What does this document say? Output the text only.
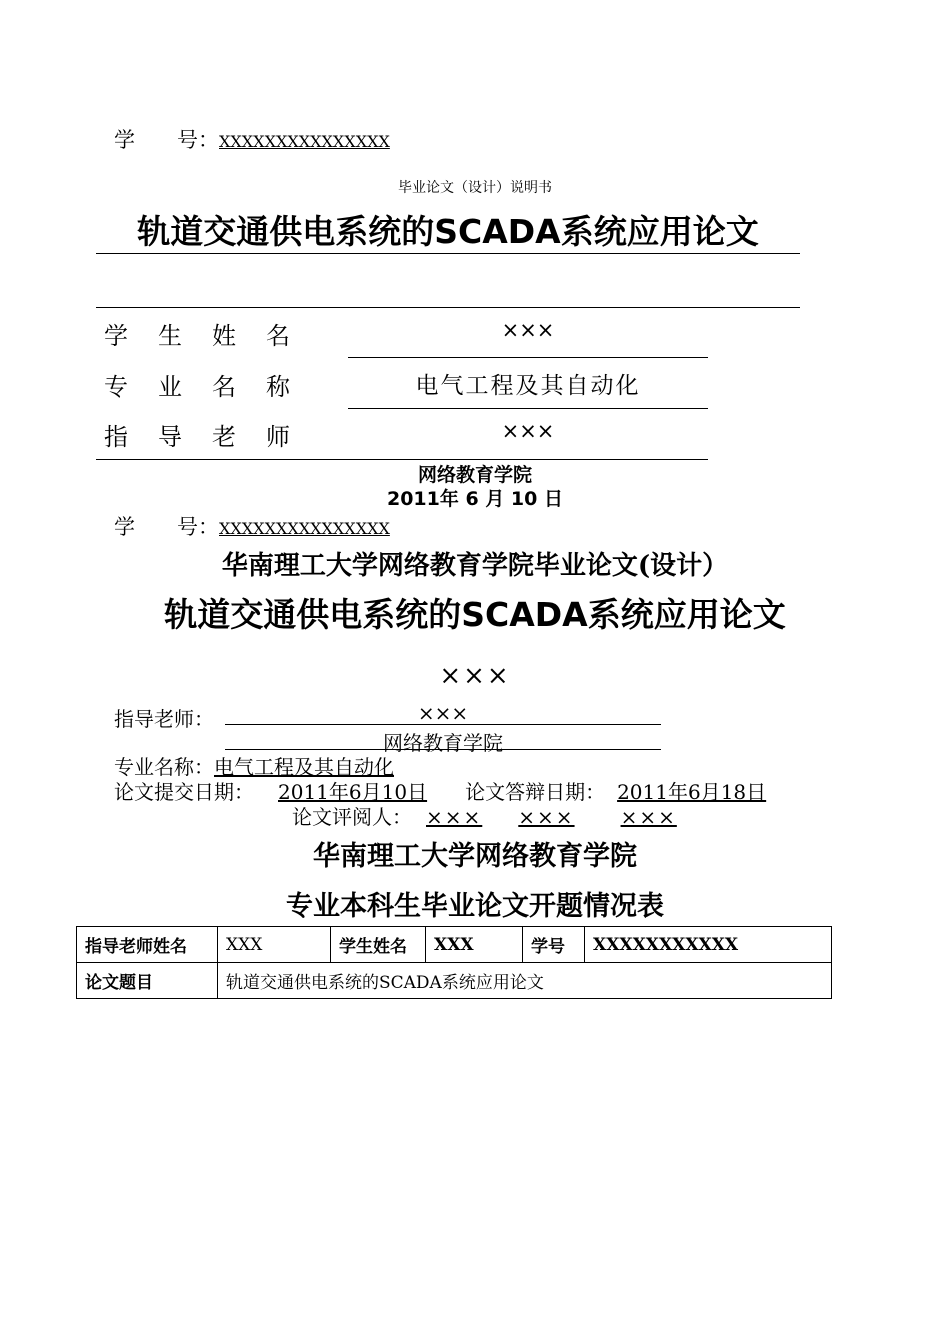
学　　号：XXXXXXXXXXXXXXX
毕业论文（设计）说明书
轨道交通供电系统的SCADA系统应用论文
学　生　姓　名	×××
专　业　名　称	电气工程及其自动化
指　导　老　师	×××
网络教育学院
2011年 6 月 10 日
学　　号：XXXXXXXXXXXXXXX
华南理工大学网络教育学院毕业论文(设计）
轨道交通供电系统的SCADA系统应用论文
×××
指导老师：	×××
网络教育学院
专业名称：电气工程及其自动化
论文提交日期： 2011年6月10日 论文答辩日期： 2011年6月18日
论文评阅人： ××× ××× ×××
华南理工大学网络教育学院
专业本科生毕业论文开题情况表
指导老师姓名	XXX	学生姓名	XXX	学号	XXXXXXXXXXX
论文题目	轨道交通供电系统的SCADA系统应用论文				
